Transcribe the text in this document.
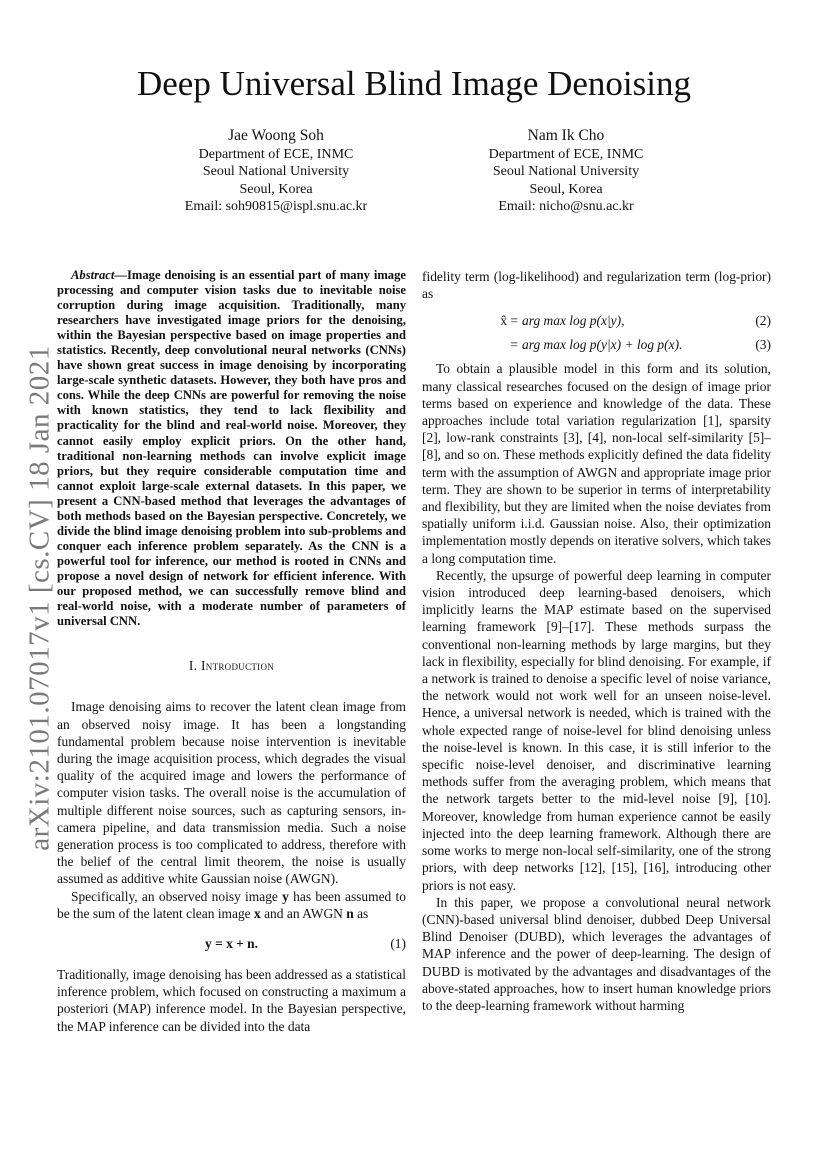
arXiv:2101.07017v1 [cs.CV] 18 Jan 2021
Deep Universal Blind Image Denoising
Jae Woong Soh
Department of ECE, INMC
Seoul National University
Seoul, Korea
Email: soh90815@ispl.snu.ac.kr
Nam Ik Cho
Department of ECE, INMC
Seoul National University
Seoul, Korea
Email: nicho@snu.ac.kr

Abstract—Image denoising is an essential part of many image processing and computer vision tasks due to inevitable noise corruption during image acquisition. Traditionally, many researchers have investigated image priors for the denoising, within the Bayesian perspective based on image properties and statistics. Recently, deep convolutional neural networks (CNNs) have shown great success in image denoising by incorporating large-scale synthetic datasets. However, they both have pros and cons. While the deep CNNs are powerful for removing the noise with known statistics, they tend to lack flexibility and practicality for the blind and real-world noise. Moreover, they cannot easily employ explicit priors. On the other hand, traditional non-learning methods can involve explicit image priors, but they require considerable computation time and cannot exploit large-scale external datasets. In this paper, we present a CNN-based method that leverages the advantages of both methods based on the Bayesian perspective. Concretely, we divide the blind image denoising problem into sub-problems and conquer each inference problem separately. As the CNN is a powerful tool for inference, our method is rooted in CNNs and propose a novel design of network for efficient inference. With our proposed method, we can successfully remove blind and real-world noise, with a moderate number of parameters of universal CNN.

I. Introduction

Image denoising aims to recover the latent clean image from an observed noisy image. It has been a longstanding fundamental problem because noise intervention is inevitable during the image acquisition process, which degrades the visual quality of the acquired image and lowers the performance of computer vision tasks. The overall noise is the accumulation of multiple different noise sources, such as capturing sensors, in-camera pipeline, and data transmission media. Such a noise generation process is too complicated to address, therefore with the belief of the central limit theorem, the noise is usually assumed as additive white Gaussian noise (AWGN).

Specifically, an observed noisy image y has been assumed to be the sum of the latent clean image x and an AWGN n as

y = x + n.	(1)

Traditionally, image denoising has been addressed as a statistical inference problem, which focused on constructing a maximum a posteriori (MAP) inference model. In the Bayesian perspective, the MAP inference can be divided into the data

fidelity term (log-likelihood) and regularization term (log-prior) as

x̂ = arg max log p(x|y),	(2)
= arg max log p(y|x) + log p(x).	(3)

To obtain a plausible model in this form and its solution, many classical researches focused on the design of image prior terms based on experience and knowledge of the data. These approaches include total variation regularization [1], sparsity [2], low-rank constraints [3], [4], non-local self-similarity [5]–[8], and so on. These methods explicitly defined the data fidelity term with the assumption of AWGN and appropriate image prior term. They are shown to be superior in terms of interpretability and flexibility, but they are limited when the noise deviates from spatially uniform i.i.d. Gaussian noise. Also, their optimization implementation mostly depends on iterative solvers, which takes a long computation time.

Recently, the upsurge of powerful deep learning in computer vision introduced deep learning-based denoisers, which implicitly learns the MAP estimate based on the supervised learning framework [9]–[17]. These methods surpass the conventional non-learning methods by large margins, but they lack in flexibility, especially for blind denoising. For example, if a network is trained to denoise a specific level of noise variance, the network would not work well for an unseen noise-level. Hence, a universal network is needed, which is trained with the whole expected range of noise-level for blind denoising unless the noise-level is known. In this case, it is still inferior to the specific noise-level denoiser, and discriminative learning methods suffer from the averaging problem, which means that the network targets better to the mid-level noise [9], [10]. Moreover, knowledge from human experience cannot be easily injected into the deep learning framework. Although there are some works to merge non-local self-similarity, one of the strong priors, with deep networks [12], [15], [16], introducing other priors is not easy.

In this paper, we propose a convolutional neural network (CNN)-based universal blind denoiser, dubbed Deep Universal Blind Denoiser (DUBD), which leverages the advantages of MAP inference and the power of deep-learning. The design of DUBD is motivated by the advantages and disadvantages of the above-stated approaches, how to insert human knowledge priors to the deep-learning framework without harming
